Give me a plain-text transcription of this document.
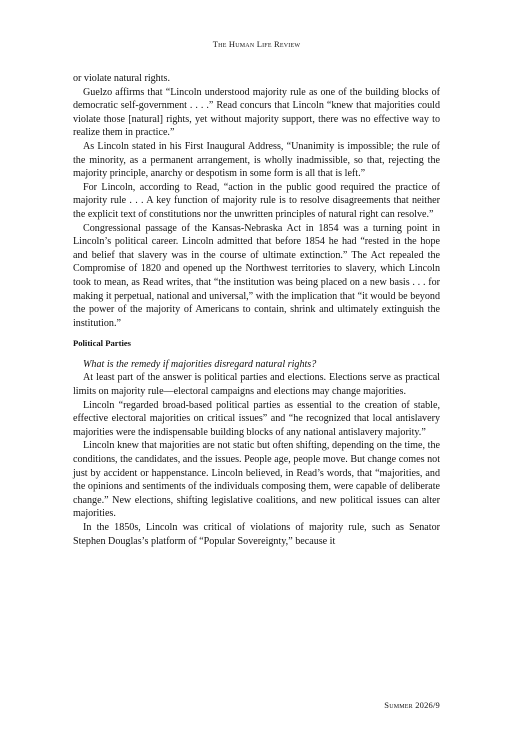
The Human Life Review

or violate natural rights.

Guelzo affirms that “Lincoln understood majority rule as one of the building blocks of democratic self-government . . . .” Read concurs that Lincoln “knew that majorities could violate those [natural] rights, yet without majority support, there was no effective way to realize them in practice.”

As Lincoln stated in his First Inaugural Address, “Unanimity is impossible; the rule of the minority, as a permanent arrangement, is wholly inadmissible, so that, rejecting the majority principle, anarchy or despotism in some form is all that is left.”

For Lincoln, according to Read, “action in the public good required the practice of majority rule . . . A key function of majority rule is to resolve disagreements that neither the explicit text of constitutions nor the unwritten principles of natural right can resolve.”

Congressional passage of the Kansas-Nebraska Act in 1854 was a turning point in Lincoln’s political career. Lincoln admitted that before 1854 he had “rested in the hope and belief that slavery was in the course of ultimate extinction.” The Act repealed the Compromise of 1820 and opened up the Northwest territories to slavery, which Lincoln took to mean, as Read writes, that “the institution was being placed on a new basis . . . for making it perpetual, national and universal,” with the implication that “it would be beyond the power of the majority of Americans to contain, shrink and ultimately extinguish the institution.”

Political Parties

What is the remedy if majorities disregard natural rights?

At least part of the answer is political parties and elections. Elections serve as practical limits on majority rule—electoral campaigns and elections may change majorities.

Lincoln “regarded broad-based political parties as essential to the creation of stable, effective electoral majorities on critical issues” and “he recognized that local antislavery majorities were the indispensable building blocks of any national antislavery majority.”

Lincoln knew that majorities are not static but often shifting, depending on the time, the conditions, the candidates, and the issues. People age, people move. But change comes not just by accident or happenstance. Lincoln believed, in Read’s words, that “majorities, and the opinions and sentiments of the individuals composing them, were capable of deliberate change.” New elections, shifting legislative coalitions, and new political issues can alter majorities.

In the 1850s, Lincoln was critical of violations of majority rule, such as Senator Stephen Douglas’s platform of “Popular Sovereignty,” because it

Summer 2026/9
